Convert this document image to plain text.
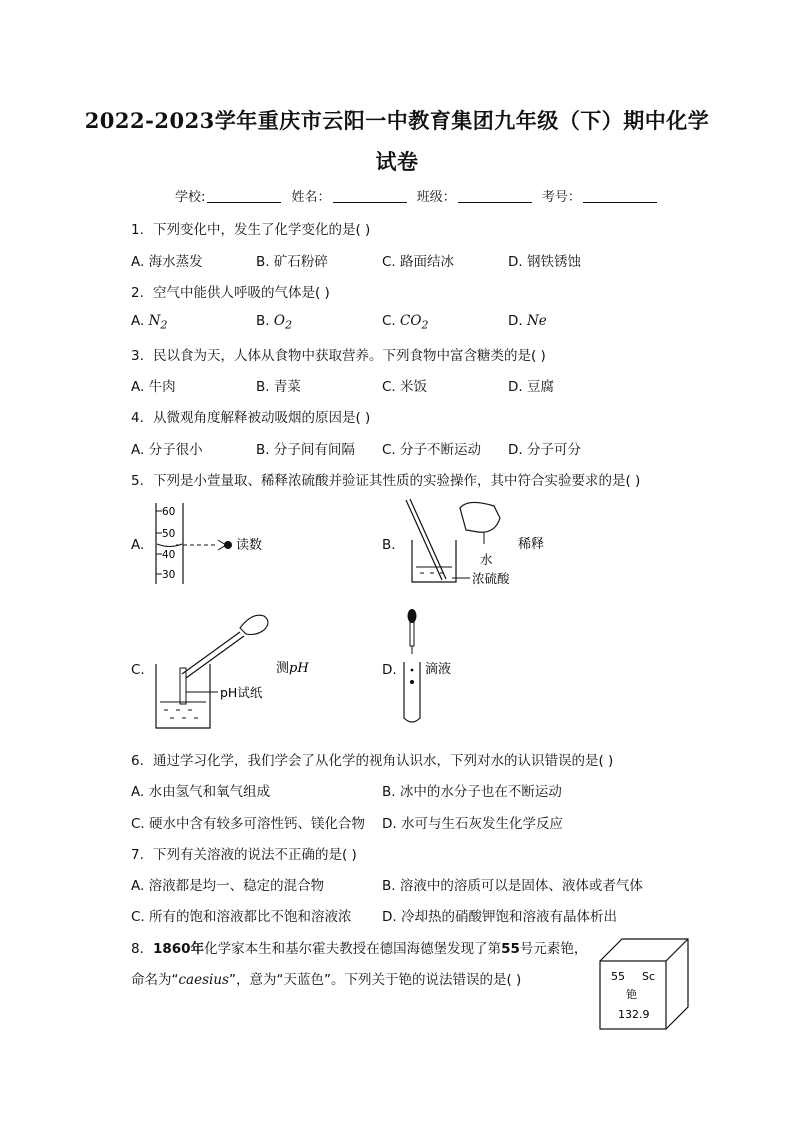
2022-2023学年重庆市云阳一中教育集团九年级（下）期中化学
试卷
学校:	姓名：	班级：	考号：
1. 下列变化中，发生了化学变化的是( )
A. 海水蒸发	B. 矿石粉碎	C. 路面结冰	D. 钢铁锈蚀
2. 空气中能供人呼吸的气体是( )
A. $N_2$	B. $O_2$	C. $CO_2$	D. Ne
3. 民以食为天，人体从食物中获取营养。下列食物中富含糖类的是( )
A. 牛肉	B. 青菜	C. 米饭	D. 豆腐
4. 从微观角度解释被动吸烟的原因是( )
A. 分子很小	B. 分子间有间隔 C. 分子不断运动 D. 分子可分
5. 下列是小萱量取、稀释浓硫酸并验证其性质的实验操作，其中符合实验要求的是( )
A.
60
50
40
30
读数	B.
水
浓硫酸
稀释
C.
pH试纸
测pH	D. 滴液
6. 通过学习化学，我们学会了从化学的视角认识水，下列对水的认识错误的是( )
A. 水由氢气和氧气组成	B. 冰中的水分子也在不断运动
C. 硬水中含有较多可溶性钙、镁化合物 D. 水可与生石灰发生化学反应
7. 下列有关溶液的说法不正确的是( )
A. 溶液都是均一、稳定的混合物	B. 溶液中的溶质可以是固体、液体或者气体
C. 所有的饱和溶液都比不饱和溶液浓 D. 冷却热的硝酸钾饱和溶液有晶体析出
8. 1860年化学家本生和基尔霍夫教授在德国海德堡发现了第55号元素铯，
命名为“caesius”，意为“天蓝色”。下列关于铯的说法错误的是( )	55 Sc
铯
132.9
